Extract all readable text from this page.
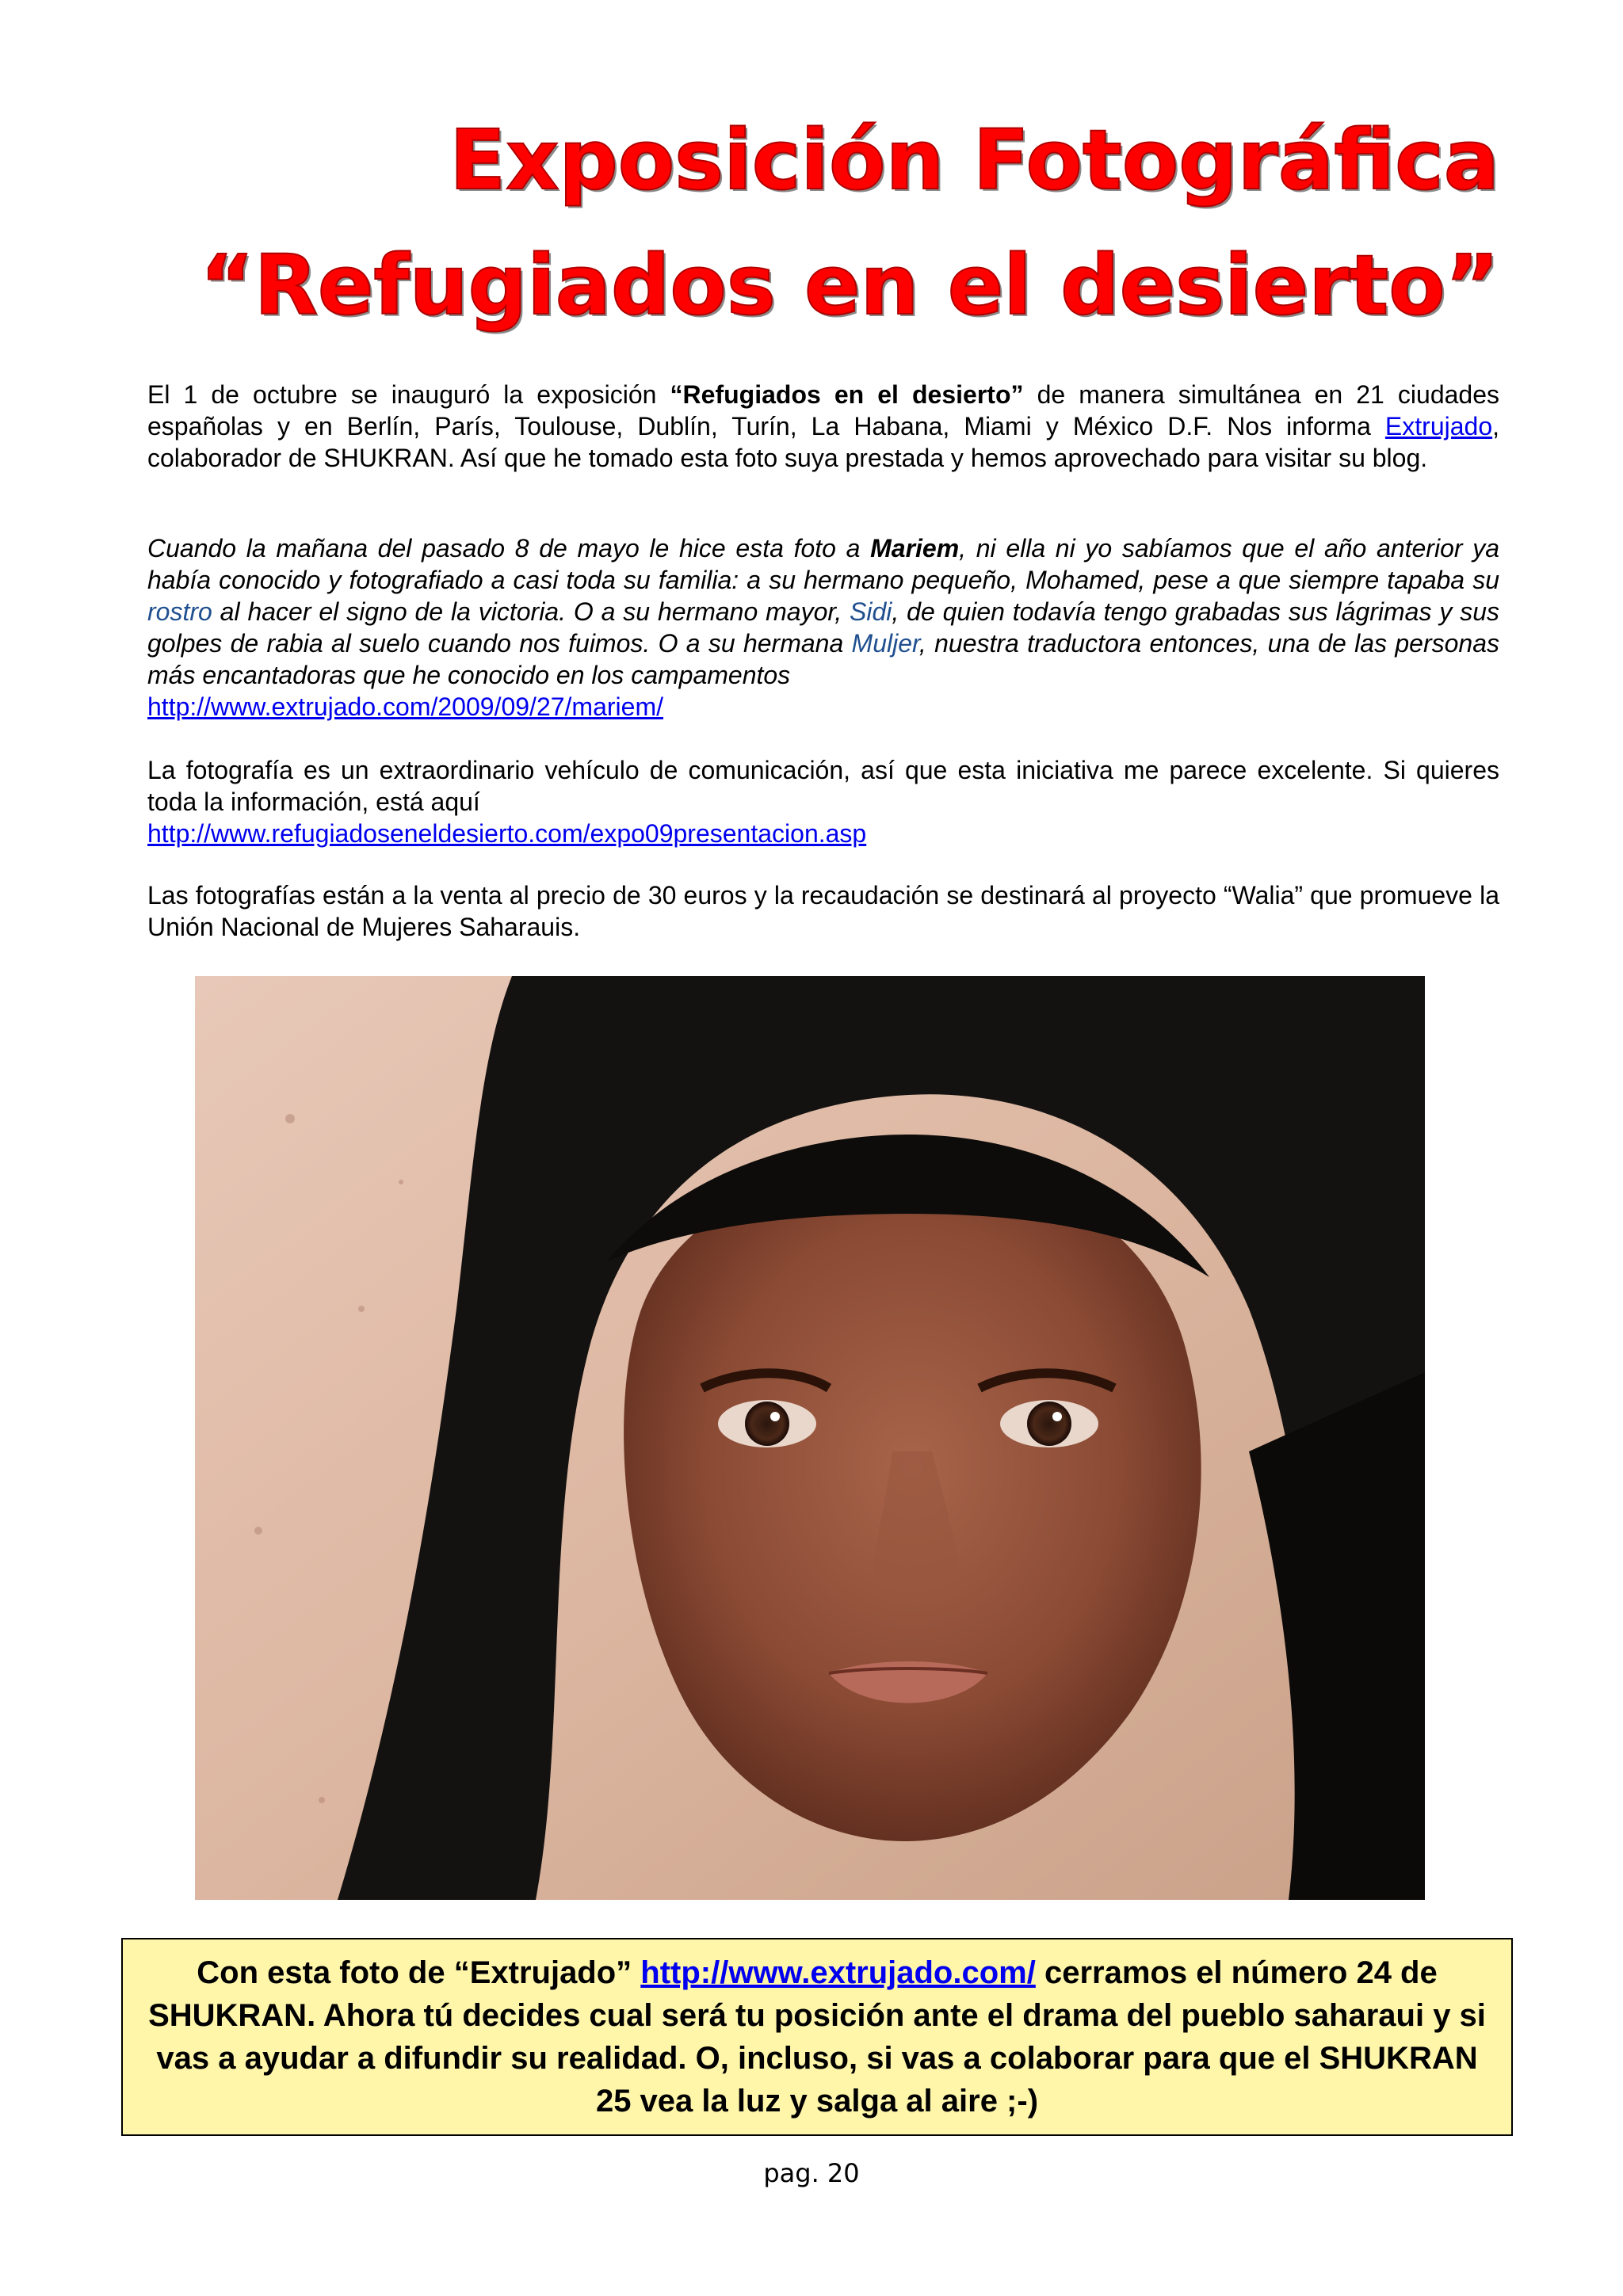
Exposición Fotográfica
“Refugiados en el desierto”

El 1 de octubre se inauguró la exposición “Refugiados en el desierto” de manera simultánea en 21 ciudades españolas y en Berlín, París, Toulouse, Dublín, Turín, La Habana, Miami y México D.F. Nos informa Extrujado, colaborador de SHUKRAN. Así que he tomado esta foto suya prestada y hemos aprovechado para visitar su blog.

Cuando la mañana del pasado 8 de mayo le hice esta foto a Mariem, ni ella ni yo sabíamos que el año anterior ya había conocido y fotografiado a casi toda su familia: a su hermano pequeño, Mohamed, pese a que siempre tapaba su rostro al hacer el signo de la victoria. O a su hermano mayor, Sidi, de quien todavía tengo grabadas sus lágrimas y sus golpes de rabia al suelo cuando nos fuimos. O a su hermana Muljer, nuestra traductora entonces, una de las personas más encantadoras que he conocido en los campamentos

http://www.extrujado.com/2009/09/27/mariem/

La fotografía es un extraordinario vehículo de comunicación, así que esta iniciativa me parece excelente. Si quieres toda la información, está aquí

http://www.refugiadoseneldesierto.com/expo09presentacion.asp

Las fotografías están a la venta al precio de 30 euros y la recaudación se destinará al proyecto “Walia” que promueve la Unión Nacional de Mujeres Saharauis.

Con esta foto de “Extrujado” http://www.extrujado.com/ cerramos el número 24 de SHUKRAN. Ahora tú decides cual será tu posición ante el drama del pueblo saharaui y si vas a ayudar a difundir su realidad. O, incluso, si vas a colaborar para que el SHUKRAN 25 vea la luz y salga al aire ;-)
pag. 20
